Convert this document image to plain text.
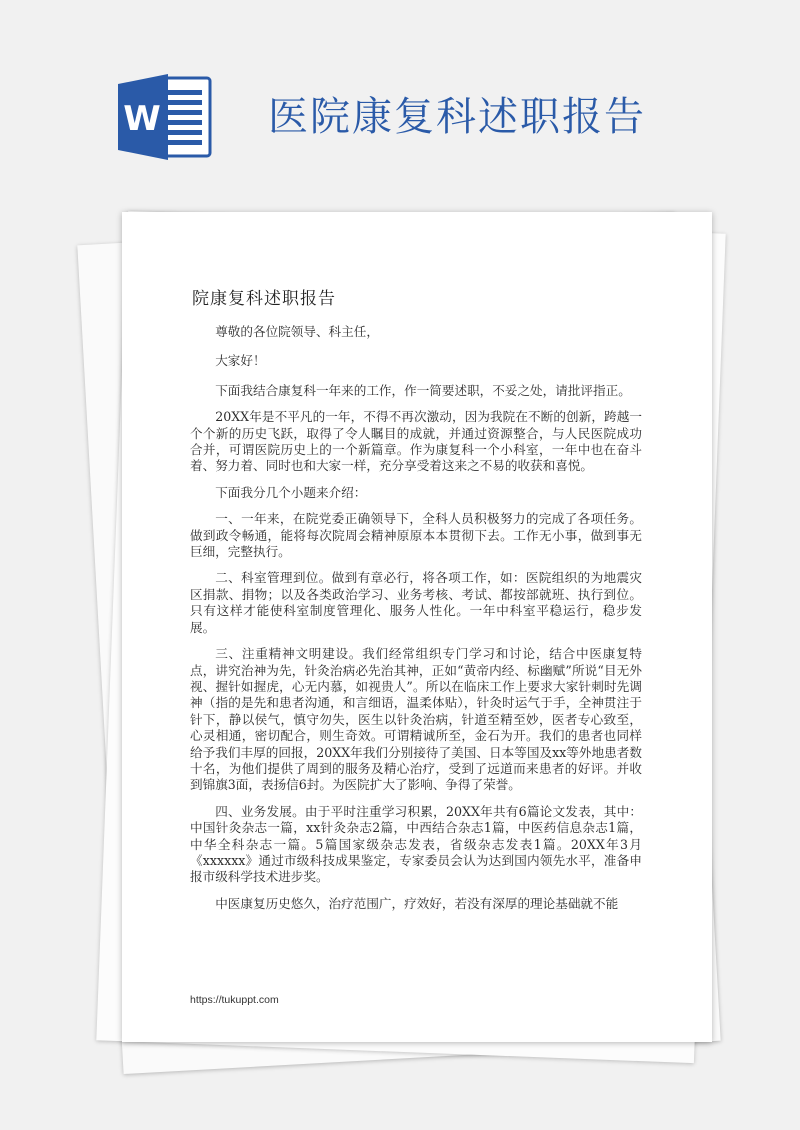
W	医院康复科述职报告
院康复科述职报告

尊敬的各位院领导、科主任，

大家好！

下面我结合康复科一年来的工作，作一简要述职，不妥之处，请批评指正。

20XX年是不平凡的一年，不得不再次激动，因为我院在不断的创新，跨越一个个新的历史飞跃，取得了令人瞩目的成就，并通过资源整合，与人民医院成功合并，可谓医院历史上的一个新篇章。作为康复科一个小科室，一年中也在奋斗着、努力着、同时也和大家一样，充分享受着这来之不易的收获和喜悦。

下面我分几个小题来介绍：

一、一年来，在院党委正确领导下，全科人员积极努力的完成了各项任务。做到政令畅通，能将每次院周会精神原原本本贯彻下去。工作无小事，做到事无巨细，完整执行。

二、科室管理到位。做到有章必行，将各项工作，如：医院组织的为地震灾区捐款、捐物；以及各类政治学习、业务考核、考试、都按部就班、执行到位。只有这样才能使科室制度管理化、服务人性化。一年中科室平稳运行，稳步发展。

三、注重精神文明建设。我们经常组织专门学习和讨论，结合中医康复特点，讲究治神为先，针灸治病必先治其神，正如“黄帝内经、标幽赋”所说“目无外视、握针如握虎，心无内慕，如视贵人”。所以在临床工作上要求大家针刺时先调神（指的是先和患者沟通，和言细语，温柔体贴），针灸时运气于手，全神贯注于针下，静以侯气，慎守勿失，医生以针灸治病，针道至精至妙，医者专心致至，心灵相通，密切配合，则生奇效。可谓精诚所至，金石为开。我们的患者也同样给予我们丰厚的回报，20XX年我们分别接待了美国、日本等国及xx等外地患者数十名，为他们提供了周到的服务及精心治疗，受到了远道而来患者的好评。并收到锦旗3面，表扬信6封。为医院扩大了影响、争得了荣誉。

四、业务发展。由于平时注重学习积累，20XX年共有6篇论文发表，其中：中国针灸杂志一篇，xx针灸杂志2篇，中西结合杂志1篇，中医药信息杂志1篇，中华全科杂志一篇。5篇国家级杂志发表，省级杂志发表1篇。20XX年3月《xxxxxx》通过市级科技成果鉴定，专家委员会认为达到国内领先水平，准备申报市级科学技术进步奖。

中医康复历史悠久，治疗范围广，疗效好，若没有深厚的理论基础就不能

https://tukuppt.com
